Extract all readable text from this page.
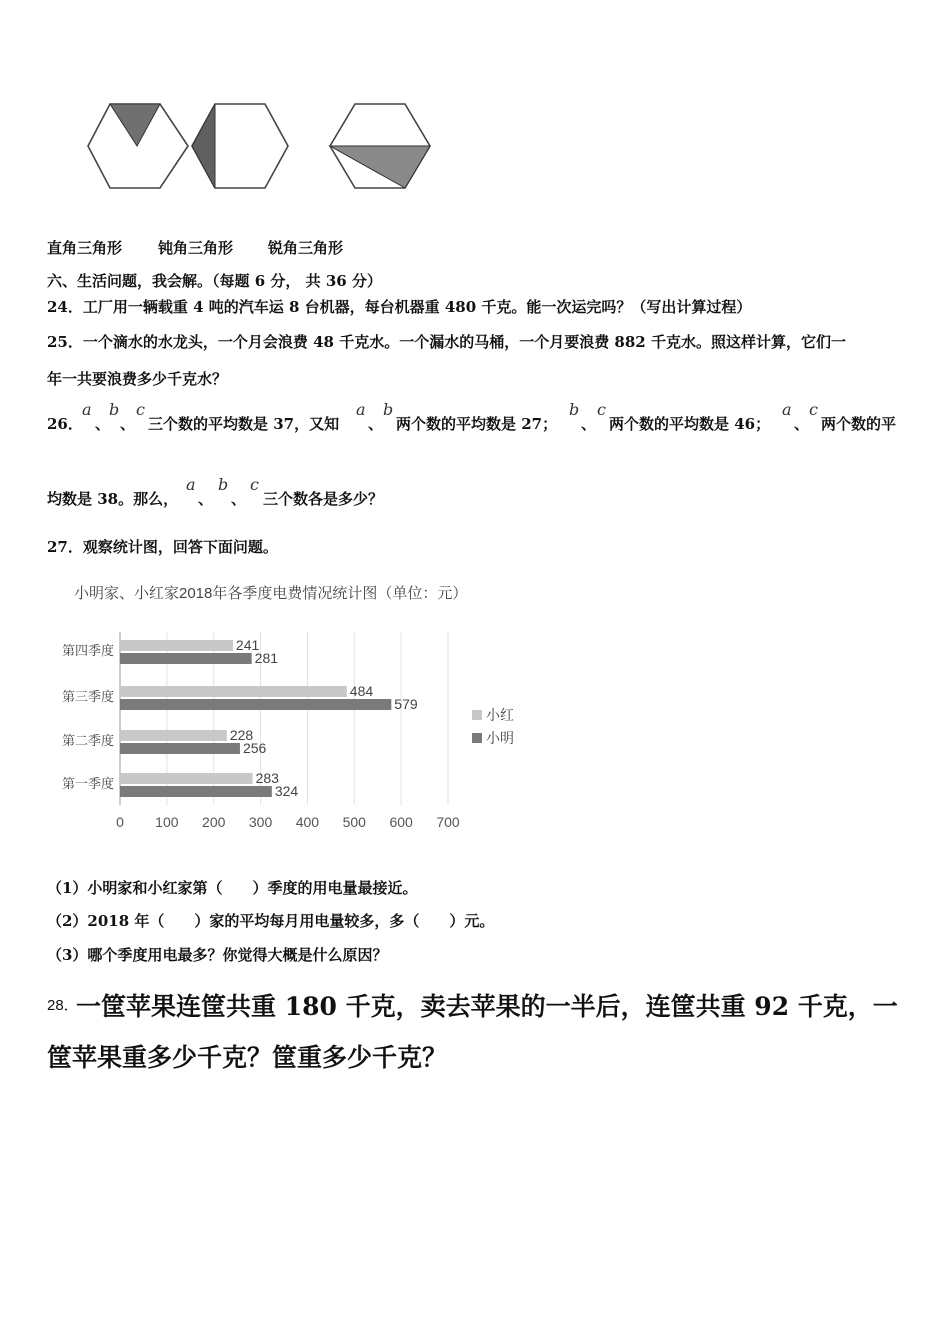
直角三角形 钝角三角形 锐角三角形
六、生活问题，我会解。（每题 6 分， 共 36 分）
24．工厂用一辆载重 4 吨的汽车运 8 台机器，每台机器重 480 千克。能一次运完吗？（写出计算过程）
25．一个滴水的水龙头，一个月会浪费 48 千克水。一个漏水的马桶，一个月要浪费 882 千克水。照这样计算，它们一
年一共要浪费多少千克水？
26．
a
、
b
、
c
三个数的平均数是 37，又知
a
、
b
两个数的平均数是 27；
b
、
c
两个数的平均数是 46；
a
、
c
两个数的平
均数是 38。那么，
a
、
b
、
c
三个数各是多少？
27．观察统计图，回答下面问题。
小明家、小红家2018年各季度电费情况统计图（单位：元）
0 100 200 300 400 500 600 700
第四季度	241
281
第三季度	484
579
第二季度	228
256
第一季度	283
324
小红
小明
（1）小明家和小红家第（　　）季度的用电量最接近。
（2）2018 年（　　）家的平均每月用电量较多，多（　　）元。
（3）哪个季度用电最多？你觉得大概是什么原因？
28．
一筐苹果连筐共重 180 千克，卖去苹果的一半后，连筐共重 92 千克，一
筐苹果重多少千克？筐重多少千克？
